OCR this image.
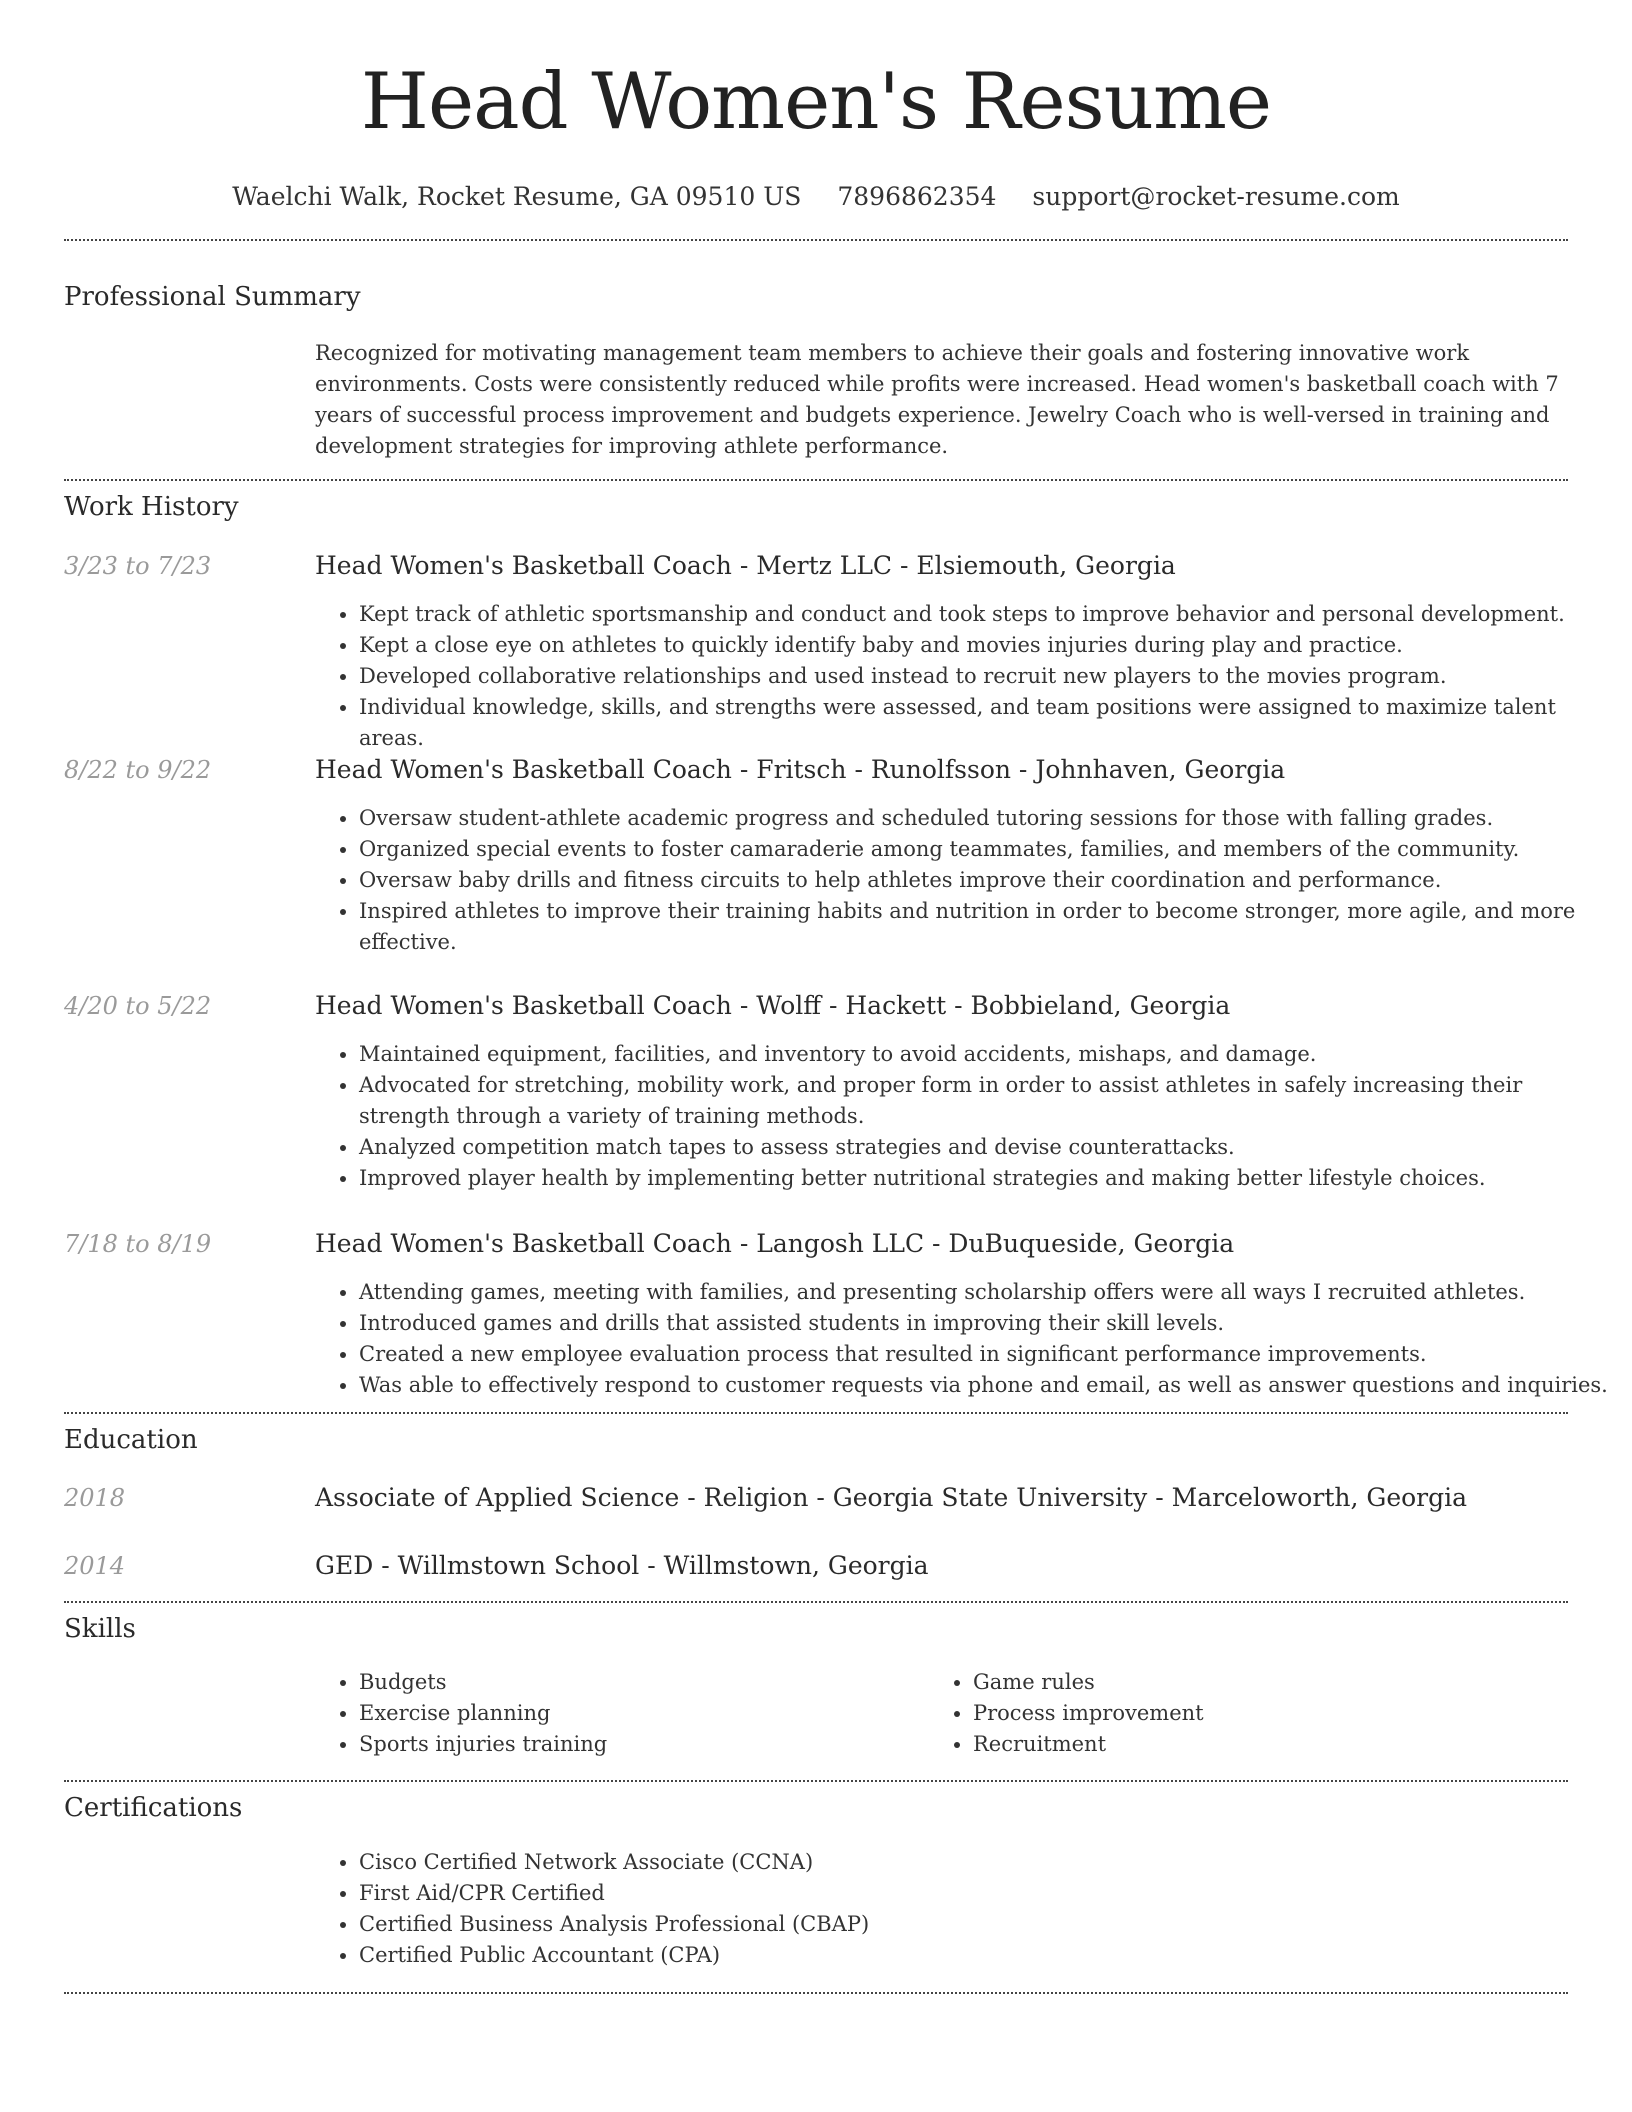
Head Women's Resume
Waelchi Walk, Rocket Resume, GA 09510 US 7896862354 support@rocket-resume.com
Professional Summary

Recognized for motivating management team members to achieve their goals and fostering innovative work environments. Costs were consistently reduced while profits were increased. Head women's basketball coach with 7 years of successful process improvement and budgets experience. Jewelry Coach who is well-versed in training and development strategies for improving athlete performance.

Work History
3/23 to 7/23	Head Women's Basketball Coach - Mertz LLC - Elsiemouth, Georgia
• Kept track of athletic sportsmanship and conduct and took steps to improve behavior and personal development.
• Kept a close eye on athletes to quickly identify baby and movies injuries during play and practice.
• Developed collaborative relationships and used instead to recruit new players to the movies program.
• Individual knowledge, skills, and strengths were assessed, and team positions were assigned to maximize talent areas.
8/22 to 9/22	Head Women's Basketball Coach - Fritsch - Runolfsson - Johnhaven, Georgia
• Oversaw student-athlete academic progress and scheduled tutoring sessions for those with falling grades.
• Organized special events to foster camaraderie among teammates, families, and members of the community.
• Oversaw baby drills and fitness circuits to help athletes improve their coordination and performance.
• Inspired athletes to improve their training habits and nutrition in order to become stronger, more agile, and more effective.
4/20 to 5/22	Head Women's Basketball Coach - Wolff - Hackett - Bobbieland, Georgia
• Maintained equipment, facilities, and inventory to avoid accidents, mishaps, and damage.
• Advocated for stretching, mobility work, and proper form in order to assist athletes in safely increasing their strength through a variety of training methods.
• Analyzed competition match tapes to assess strategies and devise counterattacks.
• Improved player health by implementing better nutritional strategies and making better lifestyle choices.
7/18 to 8/19	Head Women's Basketball Coach - Langosh LLC - DuBuqueside, Georgia
• Attending games, meeting with families, and presenting scholarship offers were all ways I recruited athletes.
• Introduced games and drills that assisted students in improving their skill levels.
• Created a new employee evaluation process that resulted in significant performance improvements.
• Was able to effectively respond to customer requests via phone and email, as well as answer questions and inquiries.
Education
2018	Associate of Applied Science - Religion - Georgia State University - Marceloworth, Georgia
2014	GED - Willmstown School - Willmstown, Georgia
Skills
• Budgets
• Exercise planning
• Sports injuries training
• Game rules
• Process improvement
• Recruitment
Certifications
• Cisco Certified Network Associate (CCNA)
• First Aid/CPR Certified
• Certified Business Analysis Professional (CBAP)
• Certified Public Accountant (CPA)
